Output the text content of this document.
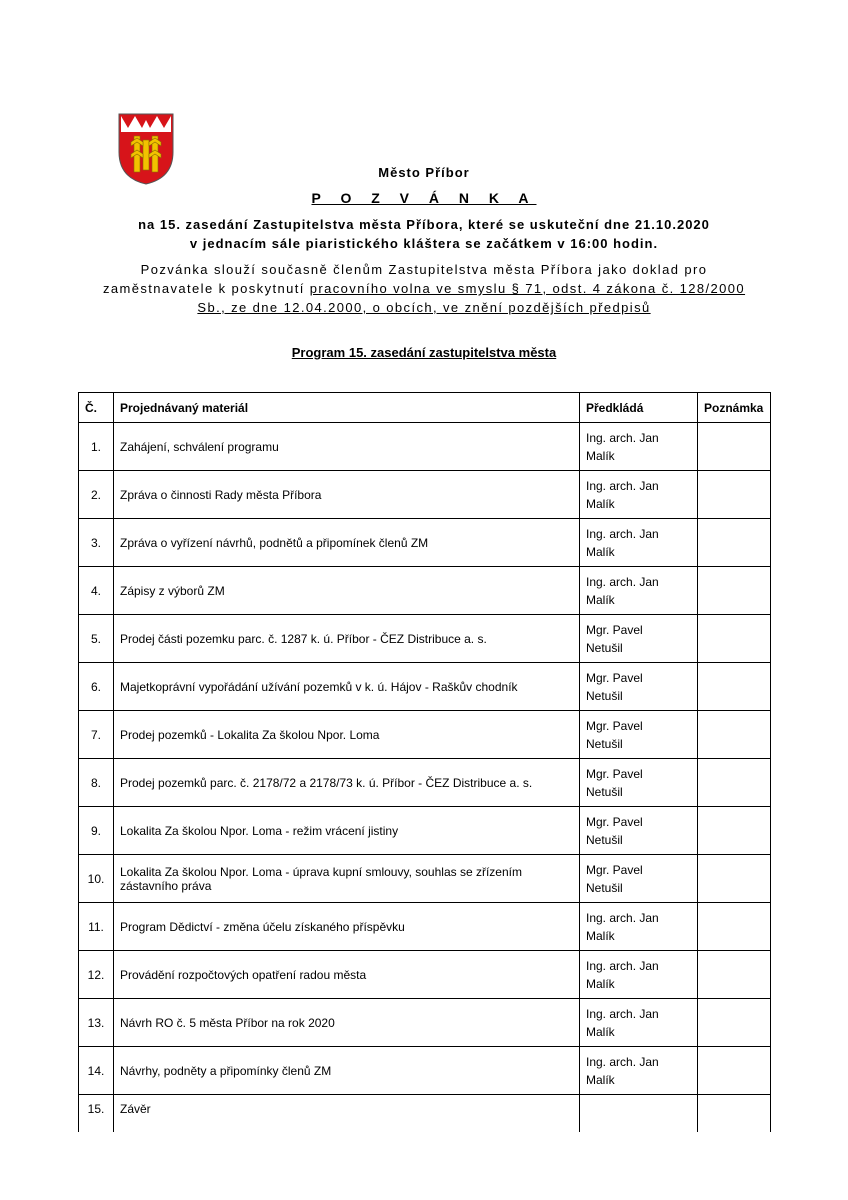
Město Příbor
P O Z V Á N K A
na 15. zasedání Zastupitelstva města Příbora, které se uskuteční dne 21.10.2020
v jednacím sále piaristického kláštera se začátkem v 16:00 hodin.
Pozvánka slouží současně členům Zastupitelstva města Příbora jako doklad pro
zaměstnavatele k poskytnutí pracovního volna ve smyslu § 71, odst. 4 zákona č. 128/2000
Sb., ze dne 12.04.2000, o obcích, ve znění pozdějších předpisů
Program 15. zasedání zastupitelstva města
Č.	Projednávaný materiál	Předkládá	Poznámka
1.	Zahájení, schválení programu	Ing. arch. Jan
Malík	

2.	Zpráva o činnosti Rady města Příbora	Ing. arch. Jan
Malík	

3.	Zpráva o vyřízení návrhů, podnětů a připomínek členů ZM	Ing. arch. Jan
Malík	

4.	Zápisy z výborů ZM	Ing. arch. Jan
Malík	

5.	Prodej části pozemku parc. č. 1287 k. ú. Příbor - ČEZ Distribuce a. s.	Mgr. Pavel
Netušil	

6.	Majetkoprávní vypořádání užívání pozemků v k. ú. Hájov - Raškův chodník	Mgr. Pavel
Netušil	

7.	Prodej pozemků - Lokalita Za školou Npor. Loma	Mgr. Pavel
Netušil	

8.	Prodej pozemků parc. č. 2178/72 a 2178/73 k. ú. Příbor - ČEZ Distribuce a. s.	Mgr. Pavel
Netušil	

9.	Lokalita Za školou Npor. Loma - režim vrácení jistiny	Mgr. Pavel
Netušil	

10.	Lokalita Za školou Npor. Loma - úprava kupní smlouvy, souhlas se zřízením zástavního práva	Mgr. Pavel
Netušil	

11.	Program Dědictví - změna účelu získaného příspěvku	Ing. arch. Jan
Malík	

12.	Provádění rozpočtových opatření radou města	Ing. arch. Jan
Malík	

13.	Návrh RO č. 5 města Příbor na rok 2020	Ing. arch. Jan
Malík	

14.	Návrhy, podněty a připomínky členů ZM	Ing. arch. Jan
Malík	

15.	Závěr	
